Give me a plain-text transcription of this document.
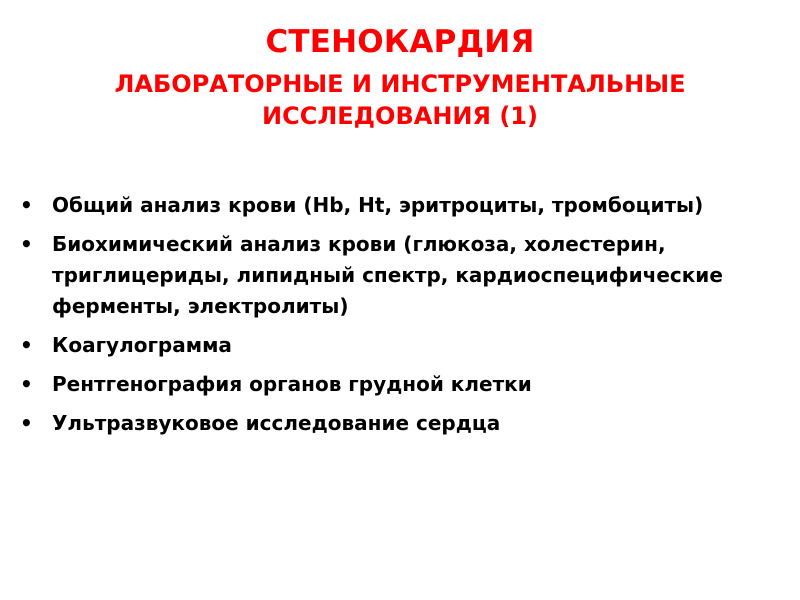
СТЕНОКАРДИЯ
ЛАБОРАТОРНЫЕ И ИНСТРУМЕНТАЛЬНЫЕ
ИССЛЕДОВАНИЯ (1)
• Общий анализ крови (Hb, Ht, эритроциты, тромбоциты)
• Биохимический анализ крови (глюкоза, холестерин, триглицериды, липидный спектр, кардиоспецифические ферменты, электролиты)
• Коагулограмма
• Рентгенография органов грудной клетки
• Ультразвуковое исследование сердца
